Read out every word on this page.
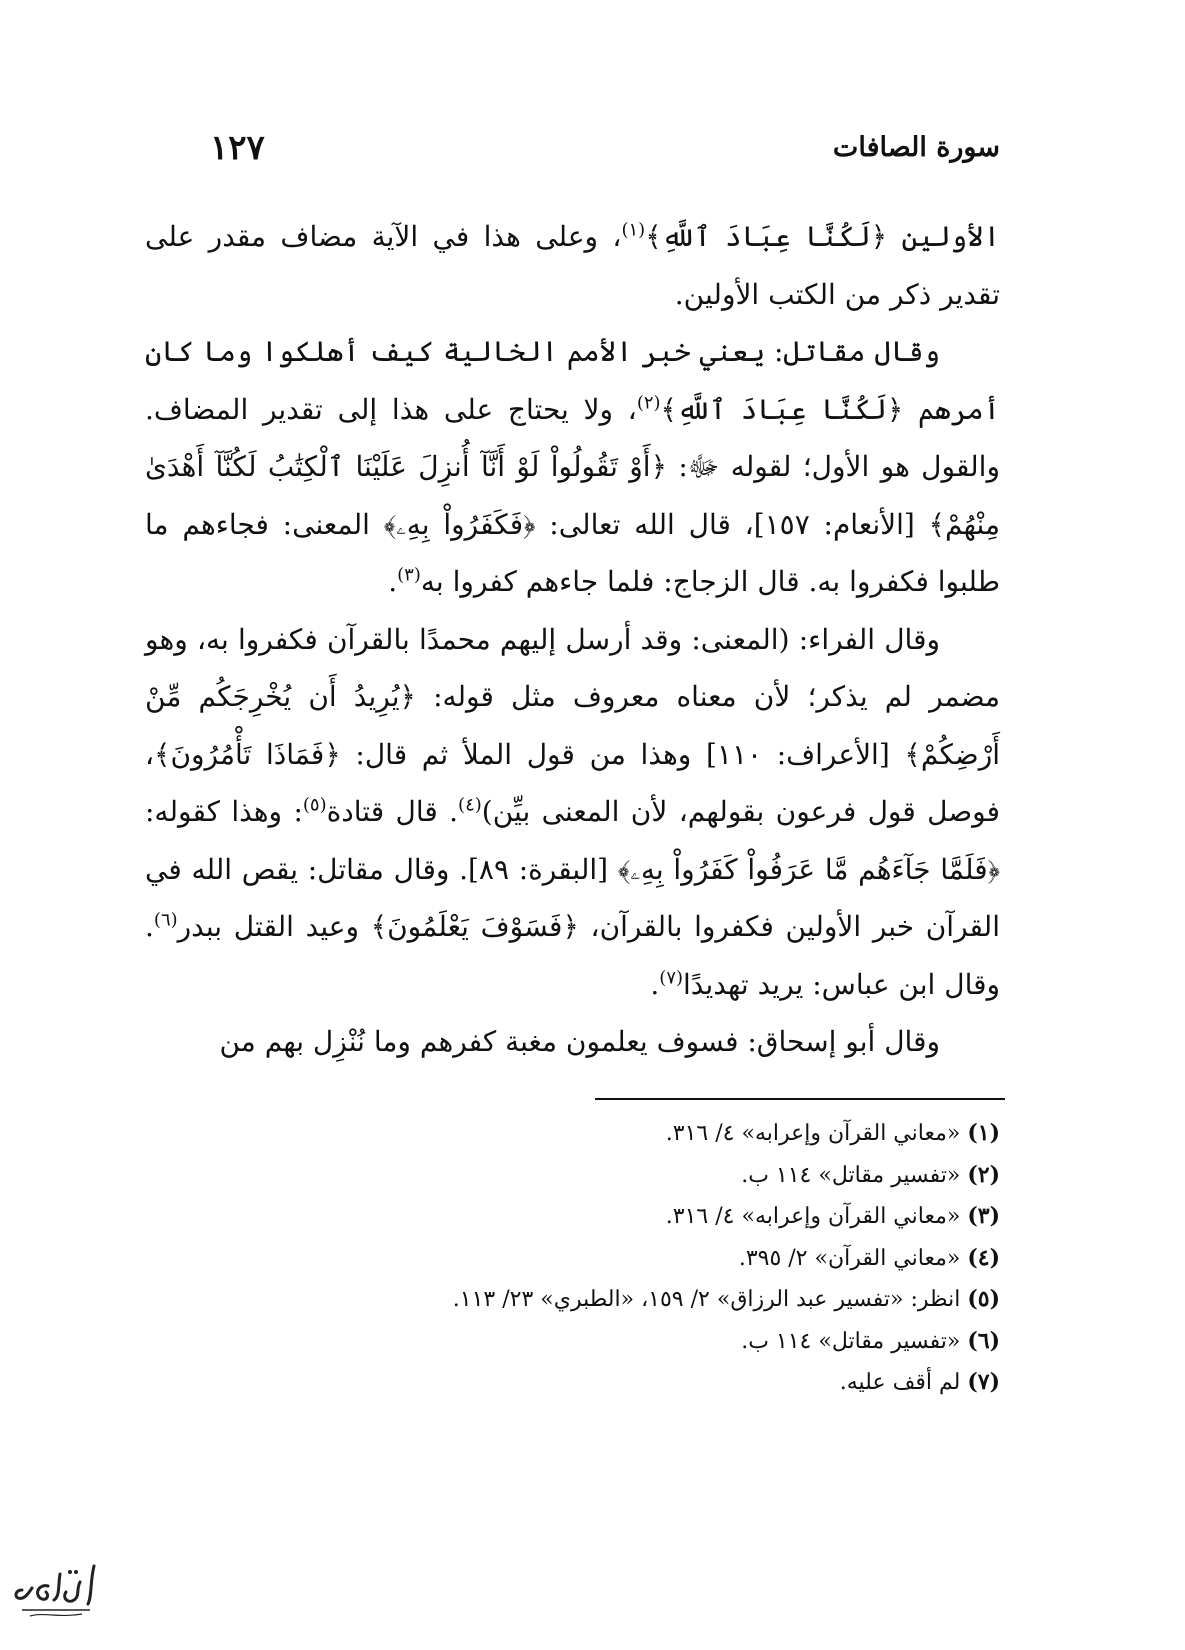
سورة الصافات
١٢٧

الأولين ﴿لَكُنَّا عِبَادَ ٱللَّهِ﴾$^{(١)}$، وعلى هذا في الآية مضاف مقدر على تقدير ذكر من الكتب الأولين.

وقال مقاتل: يعني خبر الأمم الخالية كيف أهلكوا وما كان أمرهم ﴿لَكُنَّا عِبَادَ ٱللَّهِ﴾$^{(٢)}$، ولا يحتاج على هذا إلى تقدير المضاف. والقول هو الأول؛ لقوله ﷻ: ﴿أَوْ تَقُولُواْ لَوْ أَنَّآ أُنزِلَ عَلَيْنَا ٱلْكِتَٰبُ لَكُنَّآ أَهْدَىٰ مِنْهُمْ﴾ [الأنعام: ١٥٧]، قال الله تعالى: ﴿فَكَفَرُواْ بِهِۦ﴾ المعنى: فجاءهم ما طلبوا فكفروا به. قال الزجاج: فلما جاءهم كفروا به$^{(٣)}$.

وقال الفراء: (المعنى: وقد أرسل إليهم محمدًا بالقرآن فكفروا به، وهو مضمر لم يذكر؛ لأن معناه معروف مثل قوله: ﴿يُرِيدُ أَن يُخْرِجَكُم مِّنْ أَرْضِكُمْ﴾ [الأعراف: ١١٠] وهذا من قول الملأ ثم قال: ﴿فَمَاذَا تَأْمُرُونَ﴾، فوصل قول فرعون بقولهم، لأن المعنى بيِّن)$^{(٤)}$. قال قتادة$^{(٥)}$: وهذا كقوله: ﴿فَلَمَّا جَآءَهُم مَّا عَرَفُواْ كَفَرُواْ بِهِۦ﴾ [البقرة: ٨٩]. وقال مقاتل: يقص الله في القرآن خبر الأولين فكفروا بالقرآن، ﴿فَسَوْفَ يَعْلَمُونَ﴾ وعيد القتل ببدر$^{(٦)}$. وقال ابن عباس: يريد تهديدًا$^{(٧)}$.

وقال أبو إسحاق: فسوف يعلمون مغبة كفرهم وما نُنْزِل بهم من

(١) «معاني القرآن وإعرابه» ٤/ ٣١٦.

(٢) «تفسير مقاتل» ١١٤ ب.

(٣) «معاني القرآن وإعرابه» ٤/ ٣١٦.

(٤) «معاني القرآن» ٢/ ٣٩٥.

(٥) انظر: «تفسير عبد الرزاق» ٢/ ١٥٩، «الطبري» ٢٣/ ١١٣.

(٦) «تفسير مقاتل» ١١٤ ب.

(٧) لم أقف عليه.
